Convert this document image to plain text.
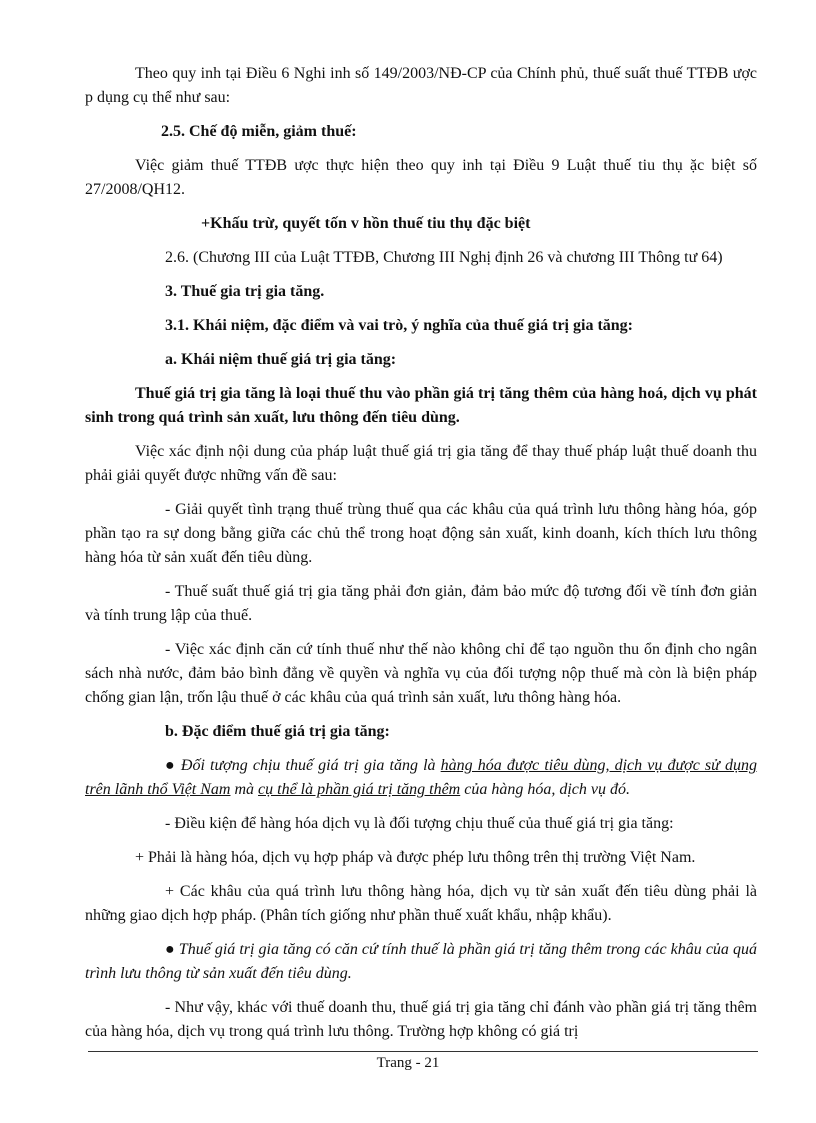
Theo quy inh tại Điều 6 Nghi inh số 149/2003/NĐ-CP của Chính phủ, thuế suất thuế TTĐB ược p dụng cụ thể như sau:

2.5. Chế độ miễn, giảm thuế:

Việc giảm thuế TTĐB ược thực hiện theo quy inh tại Điều 9 Luật thuế tiu thụ ặc biệt số 27/2008/QH12.

+Khấu trừ, quyết tốn v hồn thuế tiu thụ đặc biệt

2.6. (Chương III của Luật TTĐB, Chương III Nghị định 26 và chương III Thông tư 64)

3. Thuế gia trị gia tăng.

3.1. Khái niệm, đặc điểm và vai trò, ý nghĩa của thuế giá trị gia tăng:

a. Khái niệm thuế giá trị gia tăng:

Thuế giá trị gia tăng là loại thuế thu vào phần giá trị tăng thêm của hàng hoá, dịch vụ phát sinh trong quá trình sản xuất, lưu thông đến tiêu dùng.

Việc xác định nội dung của pháp luật thuế giá trị gia tăng để thay thuế pháp luật thuế doanh thu phải giải quyết được những vấn đề sau:

- Giải quyết tình trạng thuế trùng thuế qua các khâu của quá trình lưu thông hàng hóa, góp phần tạo ra sự dong bằng giữa các chủ thể trong hoạt động sản xuất, kinh doanh, kích thích lưu thông hàng hóa từ sản xuất đến tiêu dùng.

- Thuế suất thuế giá trị gia tăng phải đơn giản, đảm bảo mức độ tương đối về tính đơn giản và tính trung lập của thuế.

- Việc xác định căn cứ tính thuế như thế nào không chỉ để tạo nguồn thu ổn định cho ngân sách nhà nước, đảm bảo bình đẳng về quyền và nghĩa vụ của đối tượng nộp thuế mà còn là biện pháp chống gian lận, trốn lậu thuế ở các khâu của quá trình sản xuất, lưu thông hàng hóa.

b. Đặc điểm thuế giá trị gia tăng:

● Đối tượng chịu thuế giá trị gia tăng là hàng hóa được tiêu dùng, dịch vụ được sử dụng trên lãnh thổ Việt Nam mà cụ thể là phần giá trị tăng thêm của hàng hóa, dịch vụ đó.

- Điều kiện để hàng hóa dịch vụ là đối tượng chịu thuế của thuế giá trị gia tăng:

+ Phải là hàng hóa, dịch vụ hợp pháp và được phép lưu thông trên thị trường Việt Nam.

+ Các khâu của quá trình lưu thông hàng hóa, dịch vụ từ sản xuất đến tiêu dùng phải là những giao dịch hợp pháp. (Phân tích giống như phần thuế xuất khẩu, nhập khẩu).

● Thuế giá trị gia tăng có căn cứ tính thuế là phần giá trị tăng thêm trong các khâu của quá trình lưu thông từ sản xuất đến tiêu dùng.

- Như vậy, khác với thuế doanh thu, thuế giá trị gia tăng chỉ đánh vào phần giá trị tăng thêm của hàng hóa, dịch vụ trong quá trình lưu thông. Trường hợp không có giá trị

Trang - 21
